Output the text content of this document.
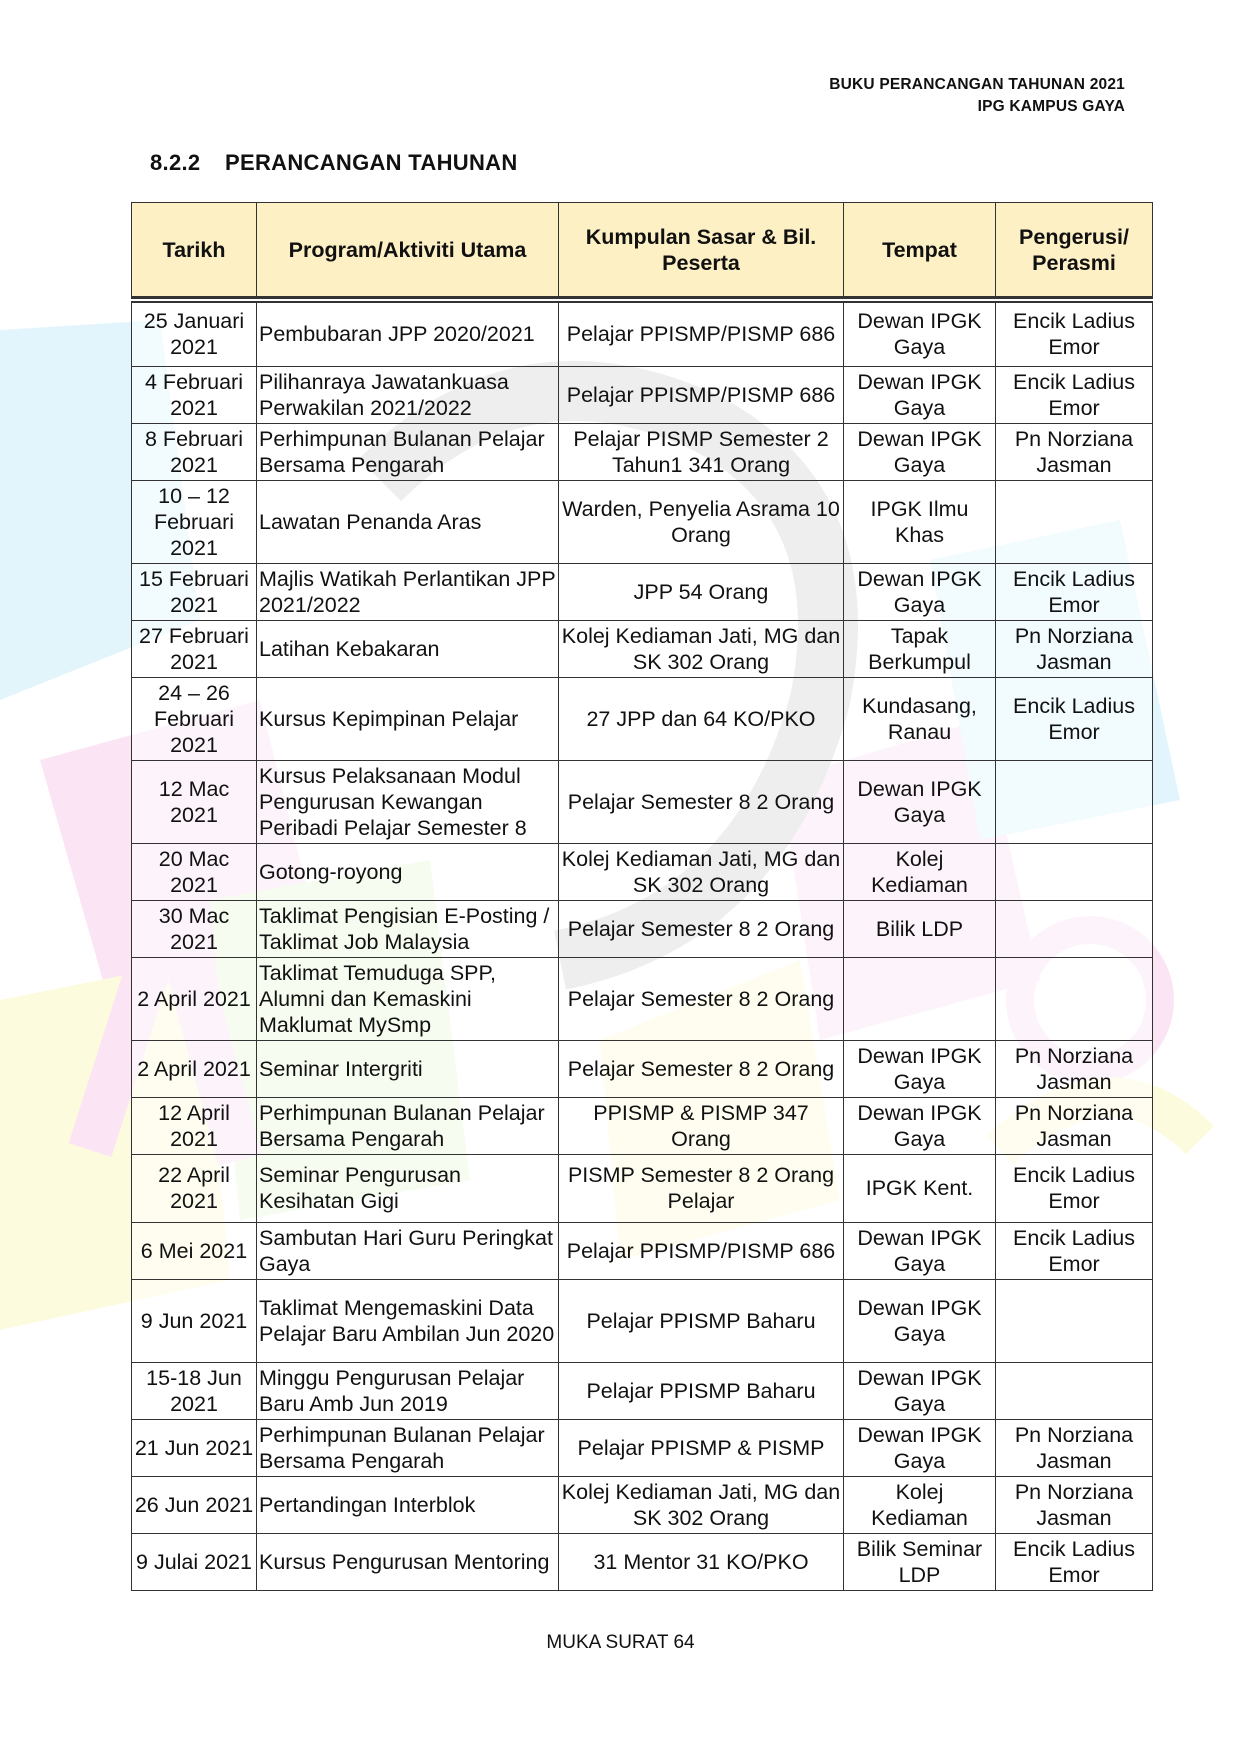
BUKU PERANCANGAN TAHUNAN 2021
IPG KAMPUS GAYA
8.2.2 PERANCANGAN TAHUNAN
Tarikh	Program/Aktiviti Utama	Kumpulan Sasar & Bil. Peserta	Tempat	Pengerusi/ Perasmi

25 Januari 2021	Pembubaran JPP 2020/2021	Pelajar PPISMP/PISMP 686	Dewan IPGK Gaya	Encik Ladius Emor
4 Februari 2021	Pilihanraya Jawatankuasa Perwakilan 2021/2022	Pelajar PPISMP/PISMP 686	Dewan IPGK Gaya	Encik Ladius Emor
8 Februari 2021	Perhimpunan Bulanan Pelajar Bersama Pengarah	Pelajar PISMP Semester 2 Tahun1 341 Orang	Dewan IPGK Gaya	Pn Norziana Jasman
10 – 12 Februari 2021	Lawatan Penanda Aras	Warden, Penyelia Asrama 10 Orang	IPGK Ilmu Khas	
15 Februari 2021	Majlis Watikah Perlantikan JPP 2021/2022	JPP 54 Orang	Dewan IPGK Gaya	Encik Ladius Emor
27 Februari 2021	Latihan Kebakaran	Kolej Kediaman Jati, MG dan SK 302 Orang	Tapak Berkumpul	Pn Norziana Jasman
24 – 26 Februari 2021	Kursus Kepimpinan Pelajar	27 JPP dan 64 KO/PKO	Kundasang, Ranau	Encik Ladius Emor
12 Mac 2021	Kursus Pelaksanaan Modul Pengurusan Kewangan Peribadi Pelajar Semester 8	Pelajar Semester 8 2 Orang	Dewan IPGK Gaya	
20 Mac 2021	Gotong-royong	Kolej Kediaman Jati, MG dan SK 302 Orang	Kolej Kediaman	
30 Mac 2021	Taklimat Pengisian E-Posting / Taklimat Job Malaysia	Pelajar Semester 8 2 Orang	Bilik LDP	
2 April 2021	Taklimat Temuduga SPP, Alumni dan Kemaskini Maklumat MySmp	Pelajar Semester 8 2 Orang		
2 April 2021	Seminar Intergriti	Pelajar Semester 8 2 Orang	Dewan IPGK Gaya	Pn Norziana Jasman
12 April 2021	Perhimpunan Bulanan Pelajar Bersama Pengarah	PPISMP & PISMP 347 Orang	Dewan IPGK Gaya	Pn Norziana Jasman
22 April 2021	Seminar Pengurusan Kesihatan Gigi	PISMP Semester 8 2 Orang Pelajar	IPGK Kent.	Encik Ladius Emor
6 Mei 2021	Sambutan Hari Guru Peringkat Gaya	Pelajar PPISMP/PISMP 686	Dewan IPGK Gaya	Encik Ladius Emor
9 Jun 2021	Taklimat Mengemaskini Data Pelajar Baru Ambilan Jun 2020	Pelajar PPISMP Baharu	Dewan IPGK Gaya	
15-18 Jun 2021	Minggu Pengurusan Pelajar Baru Amb Jun 2019	Pelajar PPISMP Baharu	Dewan IPGK Gaya	
21 Jun 2021	Perhimpunan Bulanan Pelajar Bersama Pengarah	Pelajar PPISMP & PISMP	Dewan IPGK Gaya	Pn Norziana Jasman
26 Jun 2021	Pertandingan Interblok	Kolej Kediaman Jati, MG dan SK 302 Orang	Kolej Kediaman	Pn Norziana Jasman
9 Julai 2021	Kursus Pengurusan Mentoring	31 Mentor 31 KO/PKO	Bilik Seminar LDP	Encik Ladius Emor
MUKA SURAT 64
